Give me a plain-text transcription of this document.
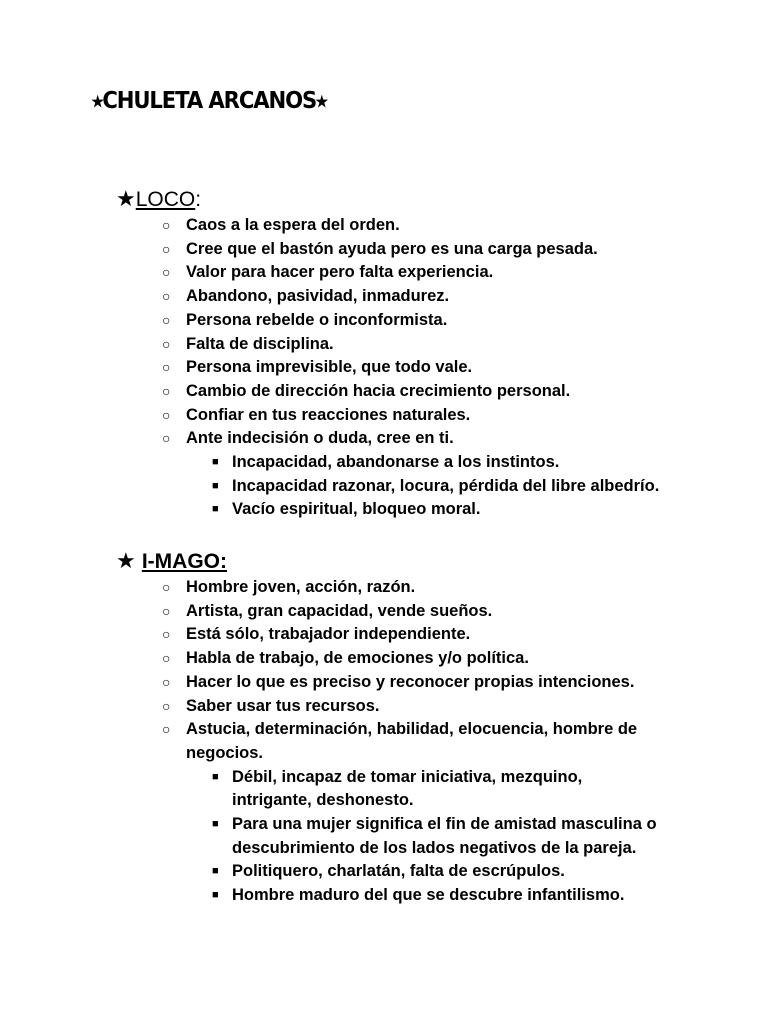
⭑CHULETA ARCANOS⭑
★LOCO:
○ Caos a la espera del orden.
○ Cree que el bastón ayuda pero es una carga pesada.
○ Valor para hacer pero falta experiencia.
○ Abandono, pasividad, inmadurez.
○ Persona rebelde o inconformista.
○ Falta de disciplina.
○ Persona imprevisible, que todo vale.
○ Cambio de dirección hacia crecimiento personal.
○ Confiar en tus reacciones naturales.
○ Ante indecisión o duda, cree en ti.
■ Incapacidad, abandonarse a los instintos.
■ Incapacidad razonar, locura, pérdida del libre albedrío.
■ Vacío espiritual, bloqueo moral.
★ I-MAGO:
○ Hombre joven, acción, razón.
○ Artista, gran capacidad, vende sueños.
○ Está sólo, trabajador independiente.
○ Habla de trabajo, de emociones y/o política.
○ Hacer lo que es preciso y reconocer propias intenciones.
○ Saber usar tus recursos.
○ Astucia, determinación, habilidad, elocuencia, hombre de negocios.
■ Débil, incapaz de tomar iniciativa, mezquino, intrigante, deshonesto.
■ Para una mujer significa el fin de amistad masculina o descubrimiento de los lados negativos de la pareja.
■ Politiquero, charlatán, falta de escrúpulos.
■ Hombre maduro del que se descubre infantilismo.
